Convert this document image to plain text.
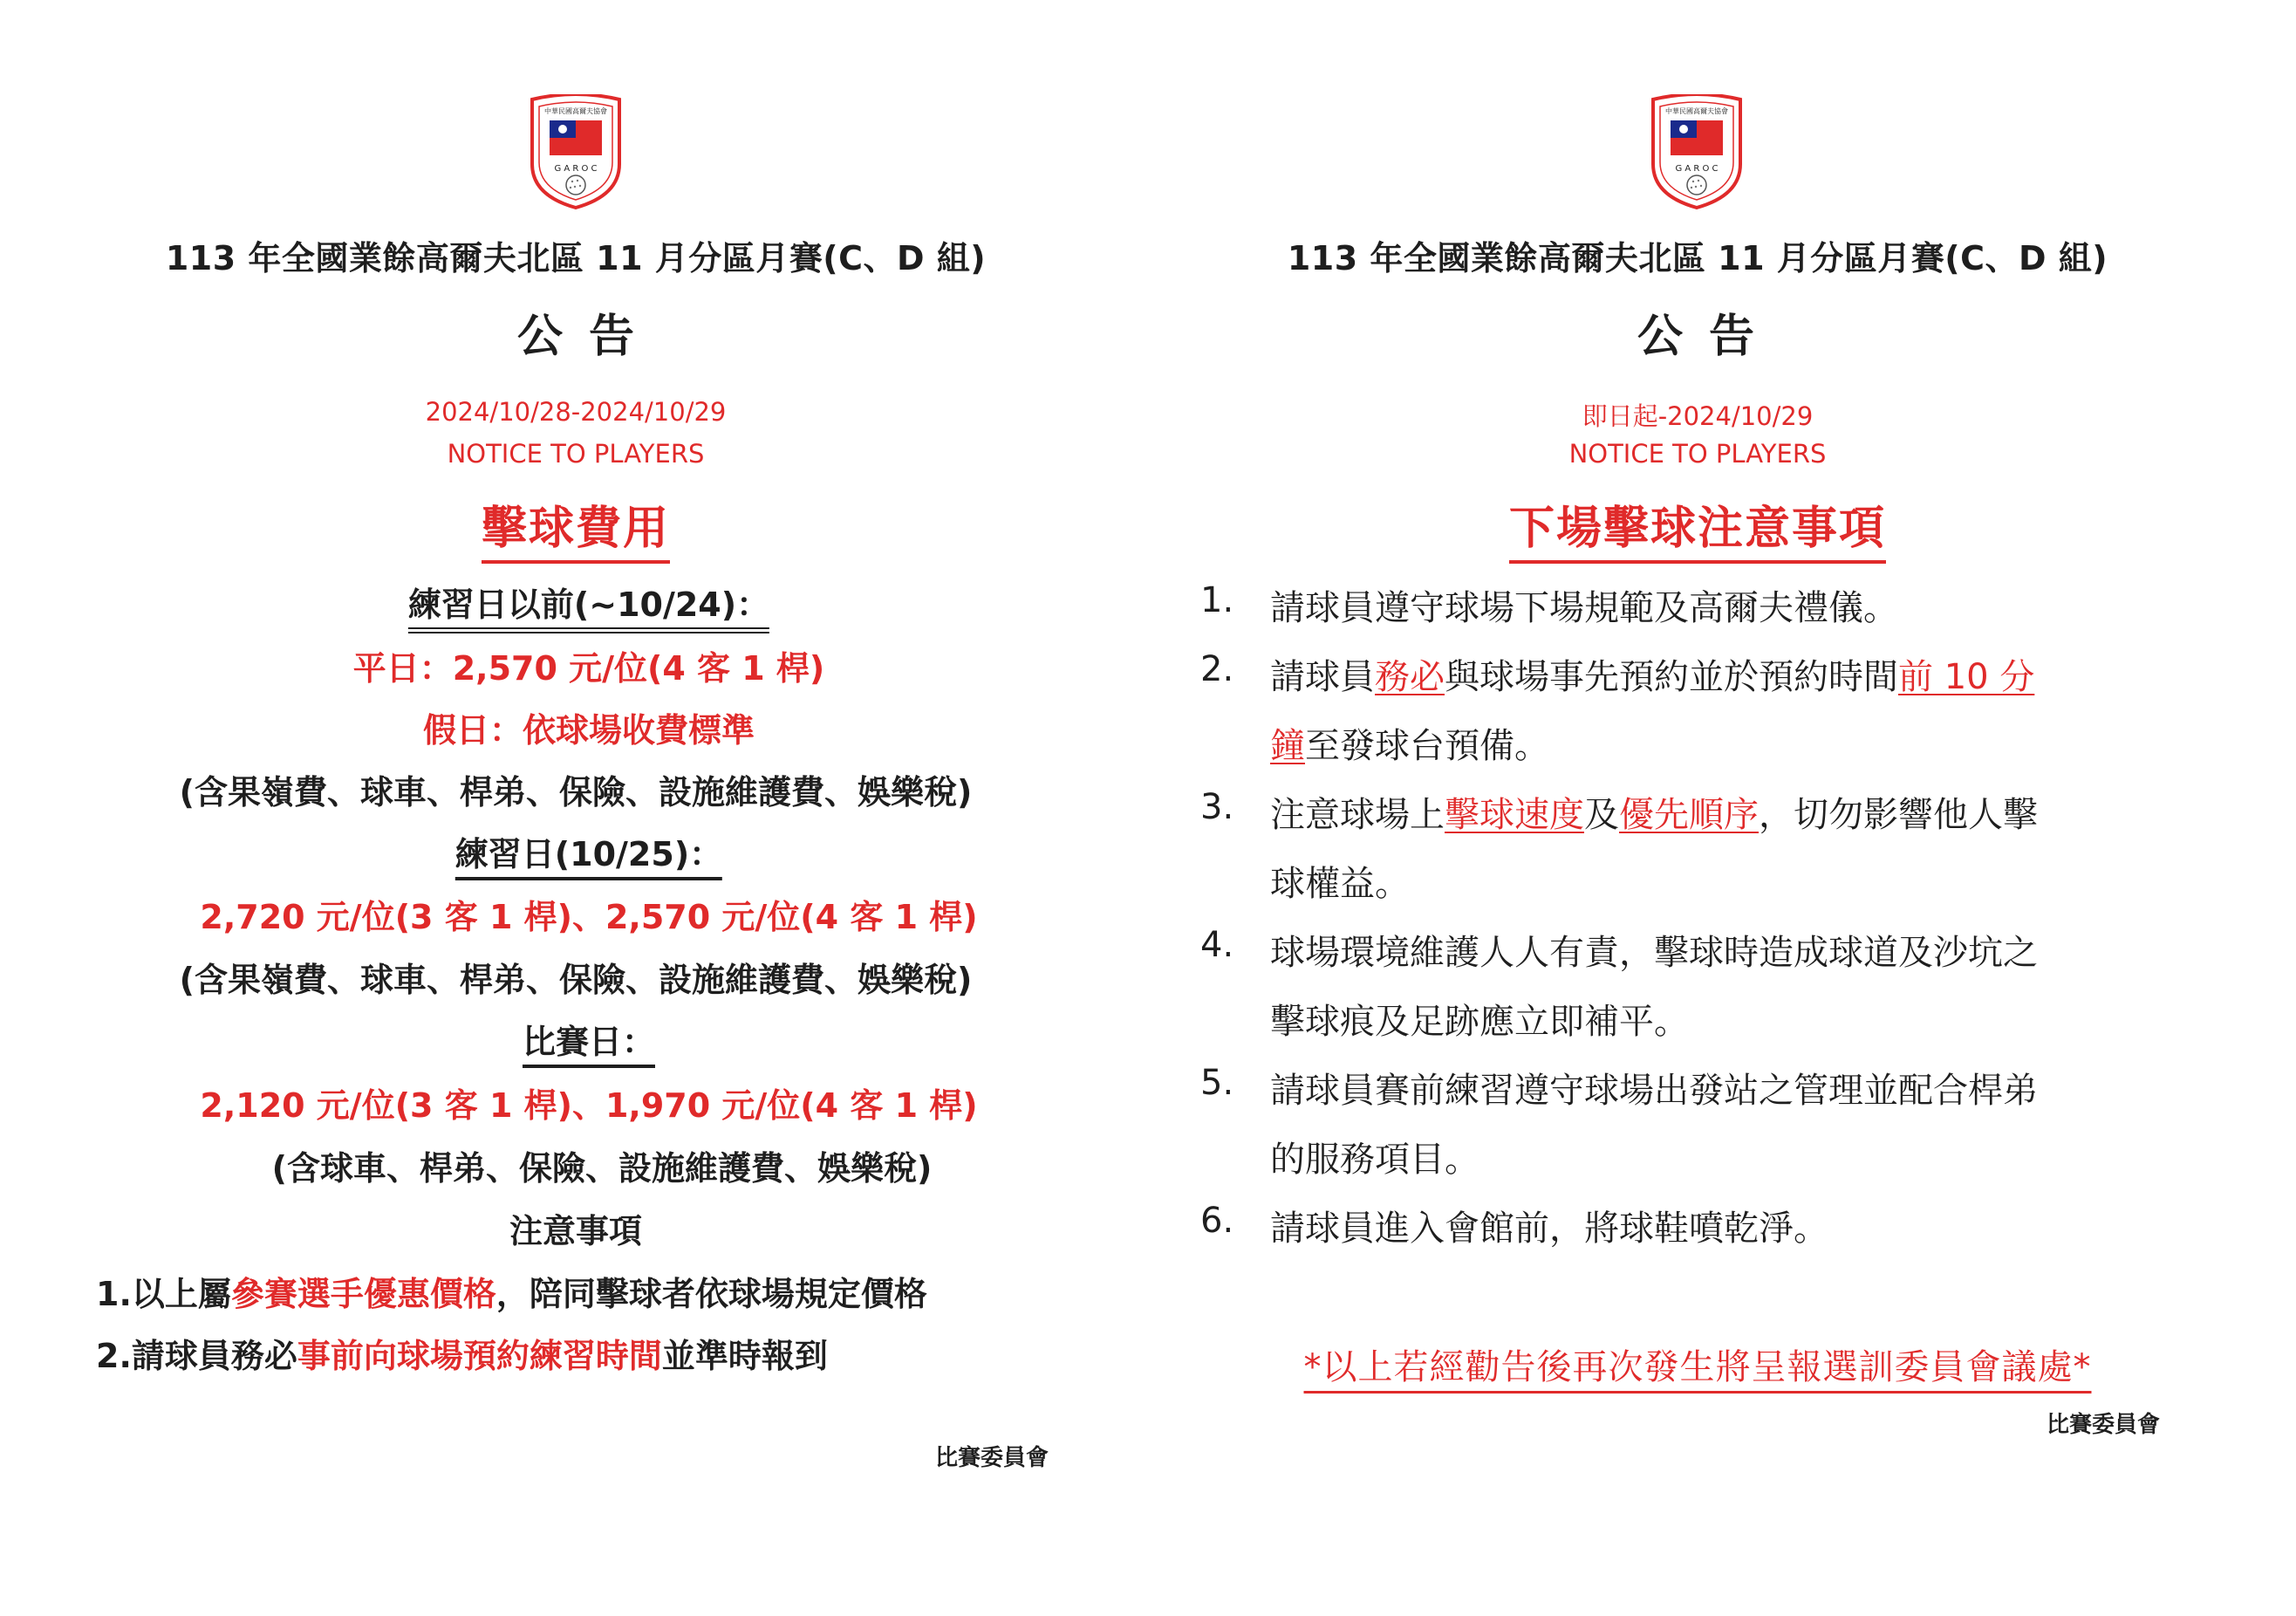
中華民國高爾夫協會
G A R O C
113 年全國業餘高爾夫北區 11 月分區月賽(C、D 組)
公告
2024/10/28-2024/10/29
NOTICE TO PLAYERS
擊球費用
練習日以前(~10/24)：
平日：2,570 元/位(4 客 1 桿)
假日：依球場收費標準
(含果嶺費、球車、桿弟、保險、設施維護費、娛樂稅)
練習日(10/25)：
2,720 元/位(3 客 1 桿)、2,570 元/位(4 客 1 桿)
(含果嶺費、球車、桿弟、保險、設施維護費、娛樂稅)
比賽日：
2,120 元/位(3 客 1 桿)、1,970 元/位(4 客 1 桿)
(含球車、桿弟、保險、設施維護費、娛樂稅)
注意事項
1.以上屬參賽選手優惠價格，陪同擊球者依球場規定價格
2.請球員務必事前向球場預約練習時間並準時報到
比賽委員會
中華民國高爾夫協會
G A R O C
113 年全國業餘高爾夫北區 11 月分區月賽(C、D 組)
公告
即日起-2024/10/29
NOTICE TO PLAYERS
下場擊球注意事項
1. 請球員遵守球場下場規範及高爾夫禮儀。
2. 請球員務必與球場事先預約並於預約時間前 10 分
鐘至發球台預備。
3. 注意球場上擊球速度及優先順序，切勿影響他人擊
球權益。
4. 球場環境維護人人有責，擊球時造成球道及沙坑之
擊球痕及足跡應立即補平。
5. 請球員賽前練習遵守球場出發站之管理並配合桿弟
的服務項目。
6. 請球員進入會館前，將球鞋噴乾淨。
*以上若經勸告後再次發生將呈報選訓委員會議處*
比賽委員會
